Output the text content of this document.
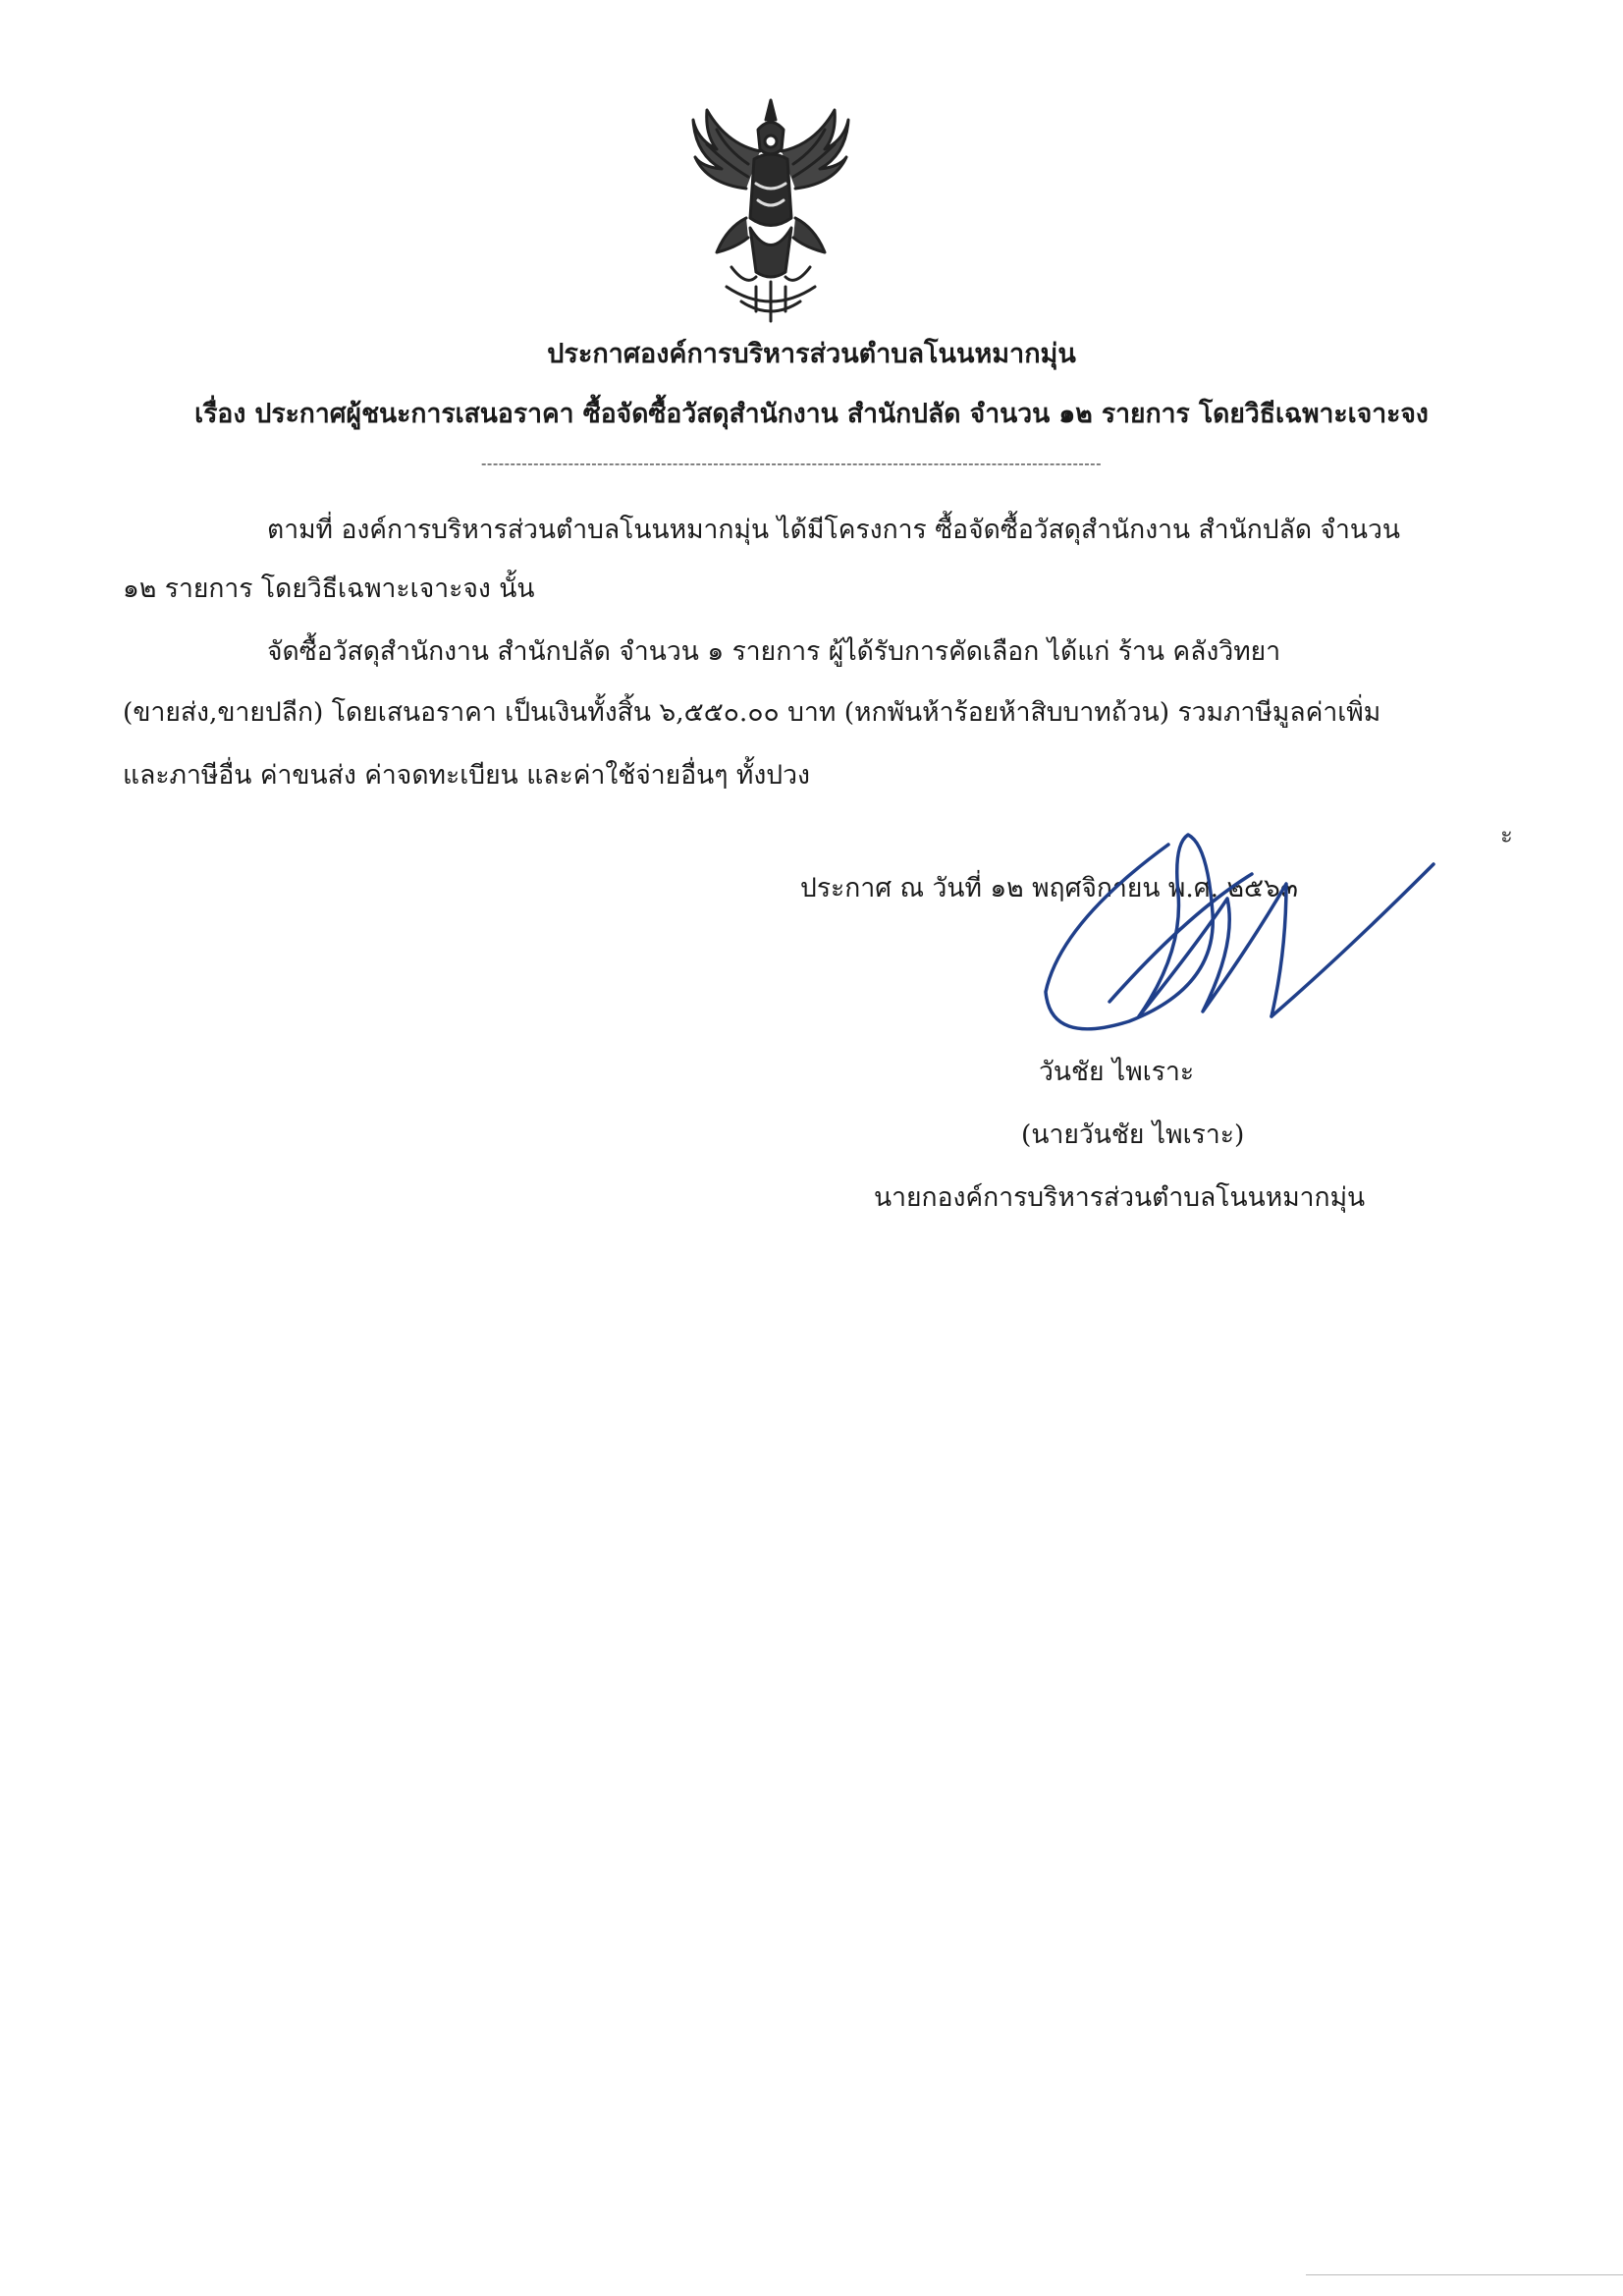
ประกาศองค์การบริหารส่วนตำบลโนนหมากมุ่น
เรื่อง ประกาศผู้ชนะการเสนอราคา ซื้อจัดซื้อวัสดุสำนักงาน สำนักปลัด จำนวน ๑๒ รายการ โดยวิธีเฉพาะเจาะจง
-----------------------------------------------------------------------------------------------------------
ตามที่ องค์การบริหารส่วนตำบลโนนหมากมุ่น ได้มีโครงการ ซื้อจัดซื้อวัสดุสำนักงาน สำนักปลัด จำนวน
๑๒ รายการ โดยวิธีเฉพาะเจาะจง นั้น
จัดซื้อวัสดุสำนักงาน สำนักปลัด จำนวน ๑ รายการ ผู้ได้รับการคัดเลือก ได้แก่ ร้าน คลังวิทยา
(ขายส่ง,ขายปลีก) โดยเสนอราคา เป็นเงินทั้งสิ้น ๖,๕๕๐.๐๐ บาท (หกพันห้าร้อยห้าสิบบาทถ้วน) รวมภาษีมูลค่าเพิ่ม
และภาษีอื่น ค่าขนส่ง ค่าจดทะเบียน และค่าใช้จ่ายอื่นๆ ทั้งปวง
ะ
ประกาศ ณ วันที่ ๑๒ พฤศจิกายน พ.ศ. ๒๕๖๓
วันชัย ไพเราะ
(นายวันชัย ไพเราะ)
นายกองค์การบริหารส่วนตำบลโนนหมากมุ่น
